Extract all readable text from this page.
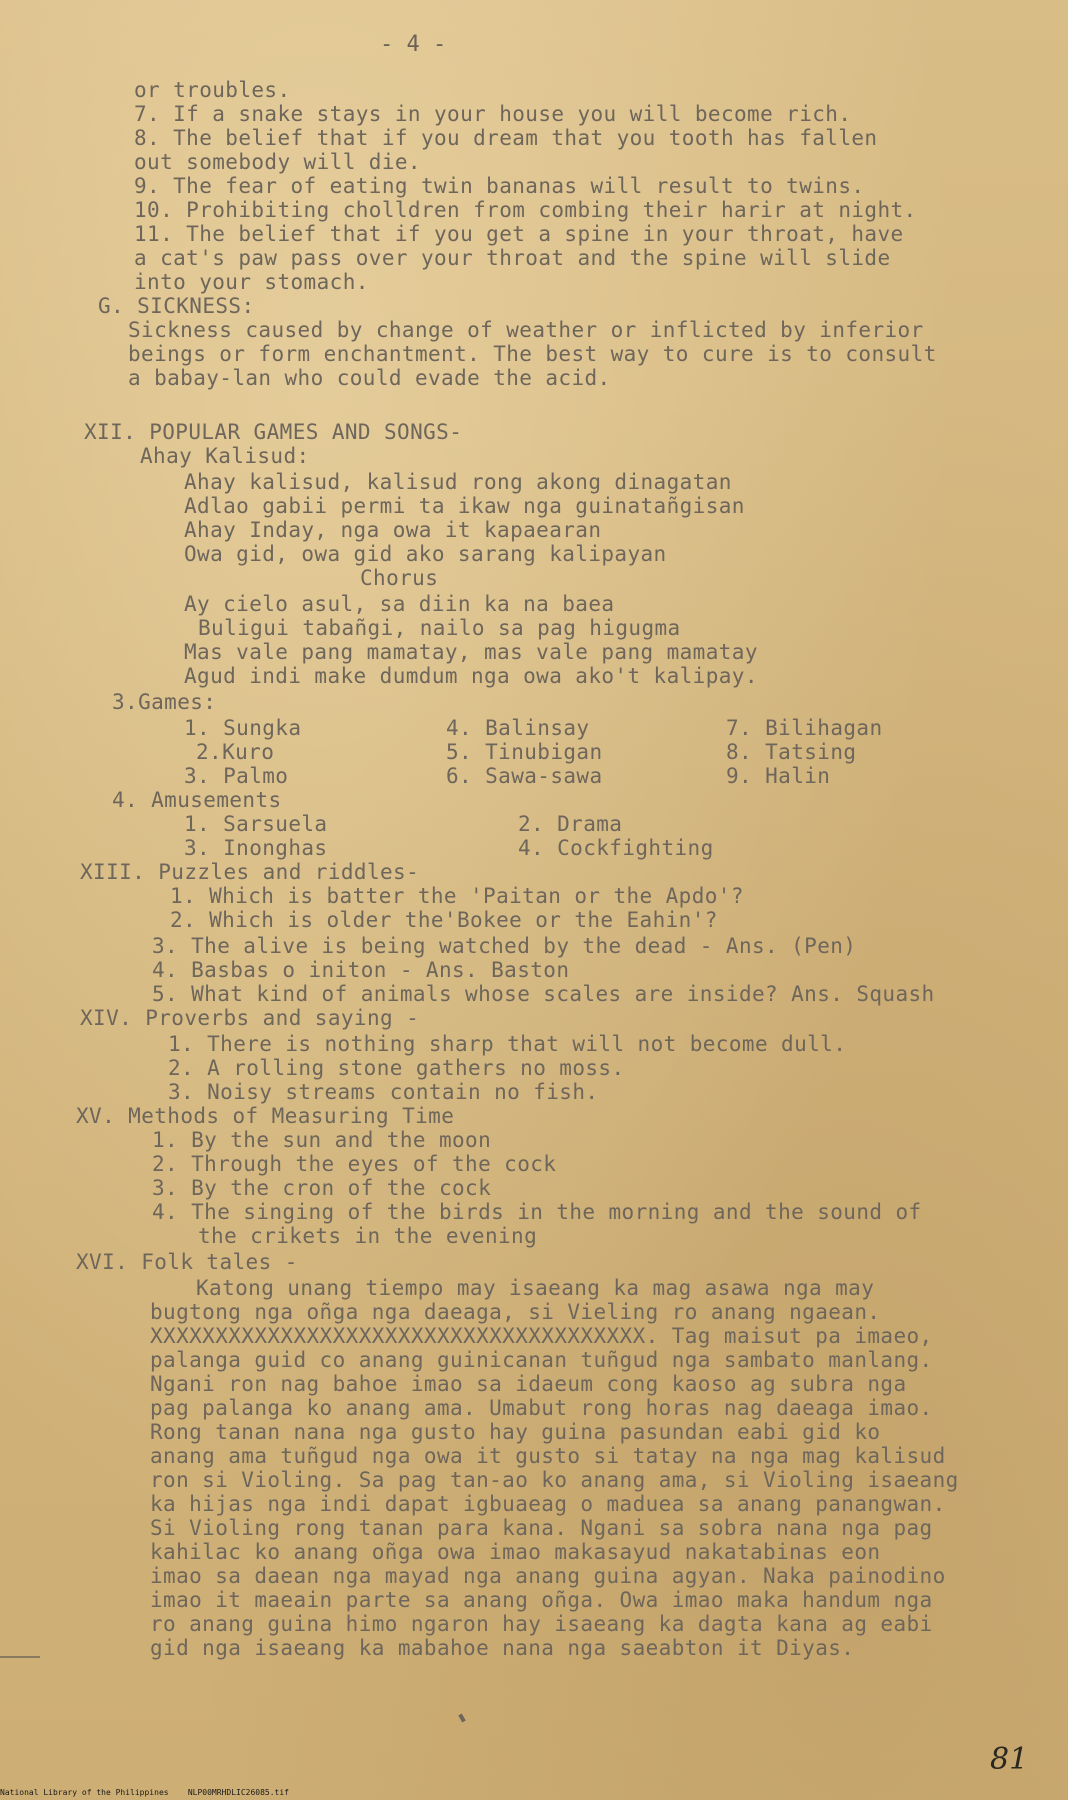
- 4 -
or troubles.
7. If a snake stays in your house you will become rich.
8. The belief that if you dream that you tooth has fallen
out somebody will die.
9. The fear of eating twin bananas will result to twins.
10. Prohibiting cholldren from combing their harir at night.
11. The belief that if you get a spine in your throat, have
a cat's paw pass over your throat and the spine will slide
into your stomach.
G. SICKNESS:
Sickness caused by change of weather or inflicted by inferior
beings or form enchantment. The best way to cure is to consult
a babay-lan who could evade the acid.
XII. POPULAR GAMES AND SONGS-
Ahay Kalisud:
Ahay kalisud, kalisud rong akong dinagatan
Adlao gabii permi ta ikaw nga guinatañgisan
Ahay Inday, nga owa it kapaearan
Owa gid, owa gid ako sarang kalipayan
Chorus
Ay cielo asul, sa diin ka na baea
Buligui tabañgi, nailo sa pag higugma
Mas vale pang mamatay, mas vale pang mamatay
Agud indi make dumdum nga owa ako't kalipay.
3.Games:
1. Sungka	4. Balinsay	7. Bilihagan
2.Kuro	5. Tinubigan	8. Tatsing
3. Palmo	6. Sawa-sawa	9. Halin
4. Amusements
1. Sarsuela	2. Drama
3. Inonghas	4. Cockfighting
XIII. Puzzles and riddles-
1. Which is batter the 'Paitan or the Apdo'?
2. Which is older the'Bokee or the Eahin'?
3. The alive is being watched by the dead - Ans. (Pen)
4. Basbas o initon - Ans. Baston
5. What kind of animals whose scales are inside? Ans. Squash
XIV. Proverbs and saying -
1. There is nothing sharp that will not become dull.
2. A rolling stone gathers no moss.
3. Noisy streams contain no fish.
XV. Methods of Measuring Time
1. By the sun and the moon
2. Through the eyes of the cock
3. By the cron of the cock
4. The singing of the birds in the morning and the sound of
the crikets in the evening
XVI. Folk tales -
Katong unang tiempo may isaeang ka mag asawa nga may
bugtong nga oñga nga daeaga, si Vieling ro anang ngaean.
XXXXXXXXXXXXXXXXXXXXXXXXXXXXXXXXXXXXXX. Tag maisut pa imaeo,
palanga guid co anang guinicanan tuñgud nga sambato manlang.
Ngani ron nag bahoe imao sa idaeum cong kaoso ag subra nga
pag palanga ko anang ama. Umabut rong horas nag daeaga imao.
Rong tanan nana nga gusto hay guina pasundan eabi gid ko
anang ama tuñgud nga owa it gusto si tatay na nga mag kalisud
ron si Violing. Sa pag tan-ao ko anang ama, si Violing isaeang
ka hijas nga indi dapat igbuaeag o maduea sa anang panangwan.
Si Violing rong tanan para kana. Ngani sa sobra nana nga pag
kahilac ko anang oñga owa imao makasayud nakatabinas eon
imao sa daean nga mayad nga anang guina agyan. Naka painodino
imao it maeain parte sa anang oñga. Owa imao maka handum nga
ro anang guina himo ngaron hay isaeang ka dagta kana ag eabi
gid nga isaeang ka mabahoe nana nga saeabton it Diyas.
81
National Library of the Philippines    NLP00MRHDLIC26085.tif
